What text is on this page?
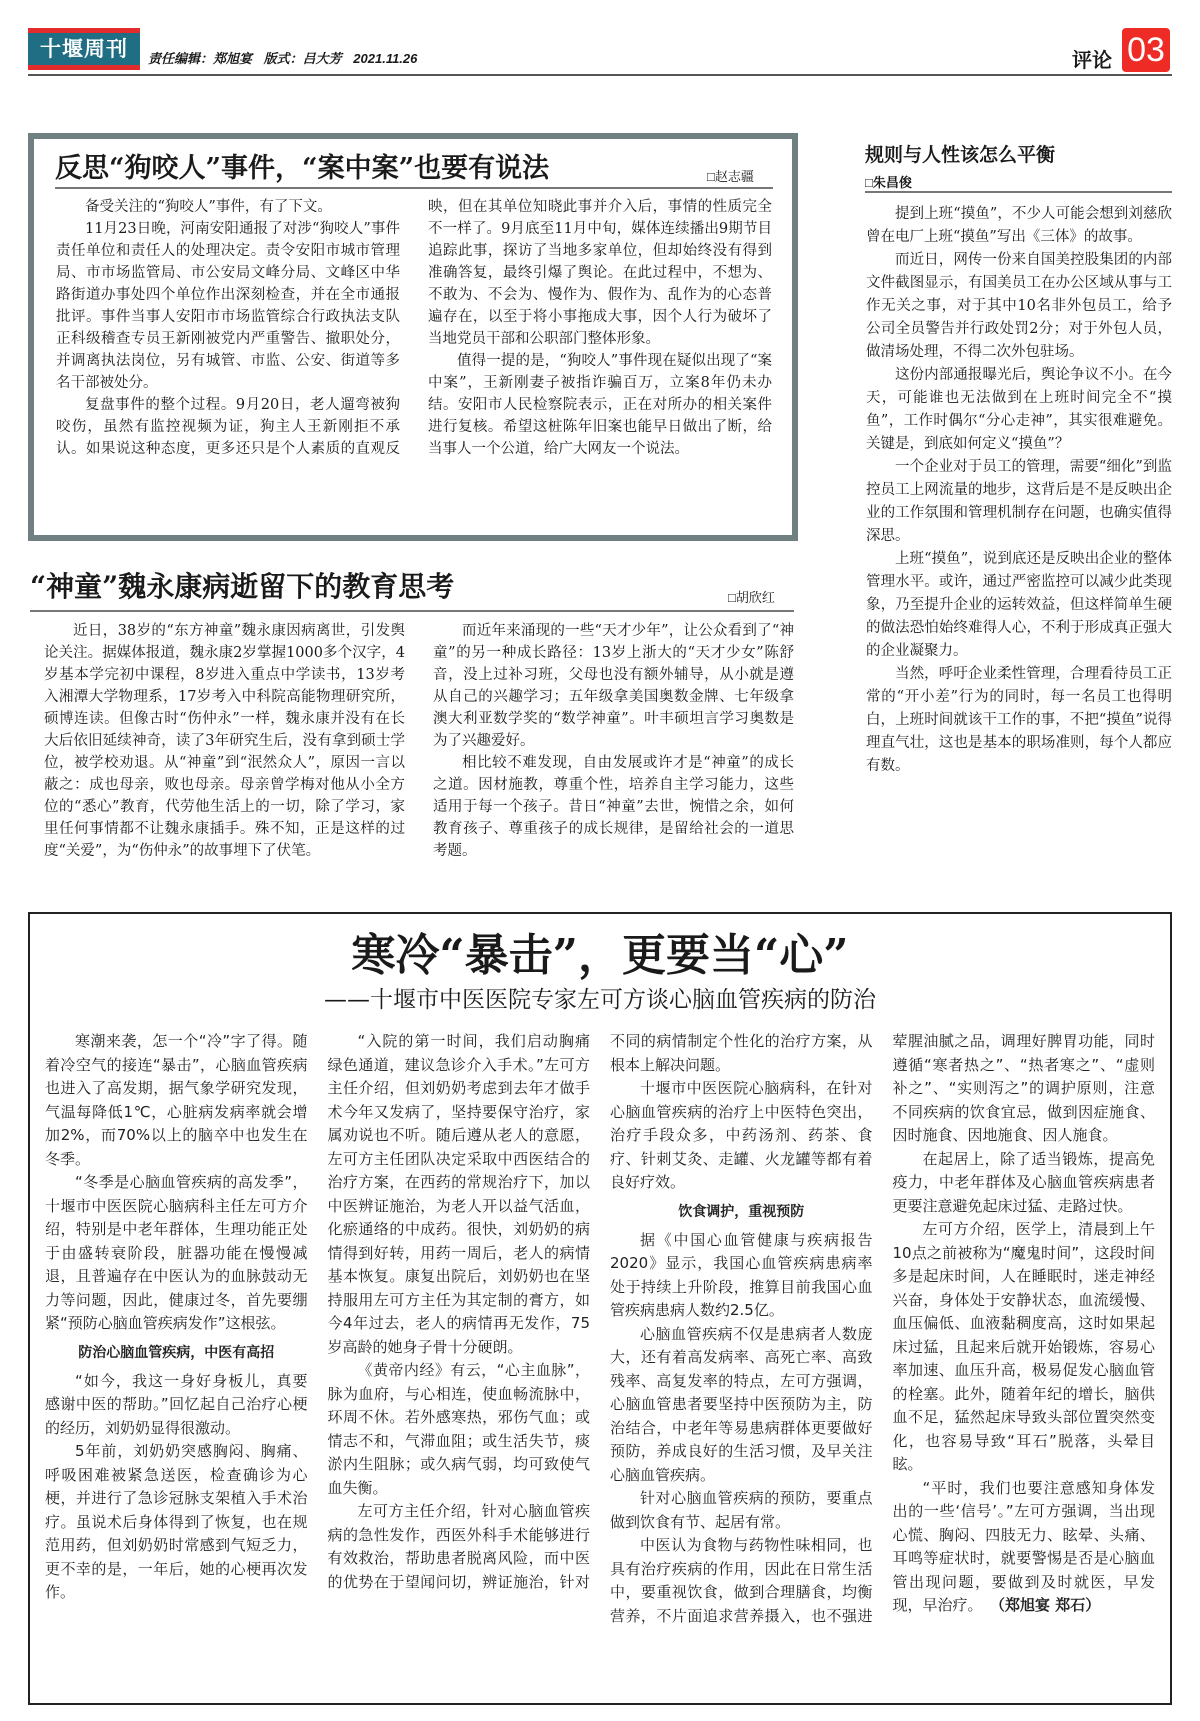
十堰周刊	责任编辑：郑旭宴 版式：吕大芳 2021.11.26	评论 03
反思“狗咬人”事件，“案中案”也要有说法	□赵志疆

备受关注的“狗咬人”事件，有了下文。

11月23日晚，河南安阳通报了对涉“狗咬人”事件责任单位和责任人的处理决定。责令安阳市城市管理局、市市场监管局、市公安局文峰分局、文峰区中华路街道办事处四个单位作出深刻检查，并在全市通报批评。事件当事人安阳市市场监管综合行政执法支队正科级稽查专员王新刚被党内严重警告、撤职处分，并调离执法岗位，另有城管、市监、公安、街道等多名干部被处分。

复盘事件的整个过程。9月20日，老人遛弯被狗咬伤，虽然有监控视频为证，狗主人王新刚拒不承认。如果说这种态度，更多还只是个人素质的直观反映，但在其单位知晓此事并介入后，事情的性质完全不一样了。9月底至11月中旬，媒体连续播出9期节目追踪此事，探访了当地多家单位，但却始终没有得到准确答复，最终引爆了舆论。在此过程中，不想为、不敢为、不会为、慢作为、假作为、乱作为的心态普遍存在，以至于将小事拖成大事，因个人行为破坏了当地党员干部和公职部门整体形象。

值得一提的是，“狗咬人”事件现在疑似出现了“案中案”，王新刚妻子被指诈骗百万，立案8年仍未办结。安阳市人民检察院表示，正在对所办的相关案件进行复核。希望这桩陈年旧案也能早日做出了断，给当事人一个公道，给广大网友一个说法。

“神童”魏永康病逝留下的教育思考	□胡欣红

近日，38岁的“东方神童”魏永康因病离世，引发舆论关注。据媒体报道，魏永康2岁掌握1000多个汉字，4岁基本学完初中课程，8岁进入重点中学读书，13岁考入湘潭大学物理系，17岁考入中科院高能物理研究所，硕博连读。但像古时“伤仲永”一样，魏永康并没有在长大后依旧延续神奇，读了3年研究生后，没有拿到硕士学位，被学校劝退。从“神童”到“泯然众人”，原因一言以蔽之：成也母亲，败也母亲。母亲曾学梅对他从小全方位的“悉心”教育，代劳他生活上的一切，除了学习，家里任何事情都不让魏永康插手。殊不知，正是这样的过度“关爱”，为“伤仲永”的故事埋下了伏笔。

而近年来涌现的一些“天才少年”，让公众看到了“神童”的另一种成长路径：13岁上浙大的“天才少女”陈舒音，没上过补习班，父母也没有额外辅导，从小就是遵从自己的兴趣学习；五年级拿美国奥数金牌、七年级拿澳大利亚数学奖的“数学神童”。叶丰硕坦言学习奥数是为了兴趣爱好。

相比较不难发现，自由发展或许才是“神童”的成长之道。因材施教，尊重个性，培养自主学习能力，这些适用于每一个孩子。昔日“神童”去世，惋惜之余，如何教育孩子、尊重孩子的成长规律，是留给社会的一道思考题。

规则与人性该怎么平衡
□朱昌俊

提到上班“摸鱼”，不少人可能会想到刘慈欣曾在电厂上班“摸鱼”写出《三体》的故事。

而近日，网传一份来自国美控股集团的内部文件截图显示，有国美员工在办公区域从事与工作无关之事，对于其中10名非外包员工，给予公司全员警告并行政处罚2分；对于外包人员，做清场处理，不得二次外包驻场。

这份内部通报曝光后，舆论争议不小。在今天，可能谁也无法做到在上班时间完全不“摸鱼”，工作时偶尔“分心走神”，其实很难避免。关键是，到底如何定义“摸鱼”？

一个企业对于员工的管理，需要“细化”到监控员工上网流量的地步，这背后是不是反映出企业的工作氛围和管理机制存在问题，也确实值得深思。

上班“摸鱼”，说到底还是反映出企业的整体管理水平。或许，通过严密监控可以减少此类现象，乃至提升企业的运转效益，但这样简单生硬的做法恐怕始终难得人心，不利于形成真正强大的企业凝聚力。

当然，呼吁企业柔性管理，合理看待员工正常的“开小差”行为的同时，每一名员工也得明白，上班时间就该干工作的事，不把“摸鱼”说得理直气壮，这也是基本的职场准则，每个人都应有数。

寒冷“暴击”，更要当“心”
——十堰市中医医院专家左可方谈心脑血管疾病的防治

寒潮来袭，怎一个“冷”字了得。随着冷空气的接连“暴击”，心脑血管疾病也进入了高发期，据气象学研究发现，气温每降低1℃，心脏病发病率就会增加2%，而70%以上的脑卒中也发生在冬季。

“冬季是心脑血管疾病的高发季”，十堰市中医医院心脑病科主任左可方介绍，特别是中老年群体，生理功能正处于由盛转衰阶段，脏器功能在慢慢减退，且普遍存在中医认为的血脉鼓动无力等问题，因此，健康过冬，首先要绷紧“预防心脑血管疾病发作”这根弦。

防治心脑血管疾病，中医有高招

“如今，我这一身好身板儿，真要感谢中医的帮助。”回忆起自己治疗心梗的经历，刘奶奶显得很激动。

5年前，刘奶奶突感胸闷、胸痛、呼吸困难被紧急送医，检查确诊为心梗，并进行了急诊冠脉支架植入手术治疗。虽说术后身体得到了恢复，也在规范用药，但刘奶奶时常感到气短乏力，更不幸的是，一年后，她的心梗再次发作。

“入院的第一时间，我们启动胸痛绿色通道，建议急诊介入手术。”左可方主任介绍，但刘奶奶考虑到去年才做手术今年又发病了，坚持要保守治疗，家属劝说也不听。随后遵从老人的意愿，左可方主任团队决定采取中西医结合的治疗方案，在西药的常规治疗下，加以中医辨证施治，为老人开以益气活血，化瘀通络的中成药。很快，刘奶奶的病情得到好转，用药一周后，老人的病情基本恢复。康复出院后，刘奶奶也在坚持服用左可方主任为其定制的膏方，如今4年过去，老人的病情再无发作，75岁高龄的她身子骨十分硬朗。

《黄帝内经》有云，“心主血脉”，脉为血府，与心相连，使血畅流脉中，环周不休。若外感寒热，邪伤气血；或情志不和，气滞血阻；或生活失节，痰淤内生阻脉；或久病气弱，均可致使气血失衡。

左可方主任介绍，针对心脑血管疾病的急性发作，西医外科手术能够进行有效救治，帮助患者脱离风险，而中医的优势在于望闻问切，辨证施治，针对不同的病情制定个性化的治疗方案，从根本上解决问题。

十堰市中医医院心脑病科，在针对心脑血管疾病的治疗上中医特色突出，治疗手段众多，中药汤剂、药茶、食疗、针刺艾灸、走罐、火龙罐等都有着良好疗效。

饮食调护，重视预防

据《中国心血管健康与疾病报告2020》显示，我国心血管疾病患病率处于持续上升阶段，推算目前我国心血管疾病患病人数约2.5亿。

心脑血管疾病不仅是患病者人数庞大，还有着高发病率、高死亡率、高致残率、高复发率的特点，左可方强调，心脑血管患者要坚持中医预防为主，防治结合，中老年等易患病群体更要做好预防，养成良好的生活习惯，及早关注心脑血管疾病。

针对心脑血管疾病的预防，要重点做到饮食有节、起居有常。

中医认为食物与药物性味相同，也具有治疗疾病的作用，因此在日常生活中，要重视饮食，做到合理膳食，均衡营养，不片面追求营养摄入，也不强进荤腥油腻之品，调理好脾胃功能，同时遵循“寒者热之”、“热者寒之”、“虚则补之”、“实则泻之”的调护原则，注意不同疾病的饮食宜忌，做到因症施食、因时施食、因地施食、因人施食。

在起居上，除了适当锻炼，提高免疫力，中老年群体及心脑血管疾病患者更要注意避免起床过猛、走路过快。

左可方介绍，医学上，清晨到上午10点之前被称为“魔鬼时间”，这段时间多是起床时间，人在睡眠时，迷走神经兴奋，身体处于安静状态，血流缓慢、血压偏低、血液黏稠度高，这时如果起床过猛，且起来后就开始锻炼，容易心率加速、血压升高，极易促发心脑血管的栓塞。此外，随着年纪的增长，脑供血不足，猛然起床导致头部位置突然变化，也容易导致“耳石”脱落，头晕目眩。

“平时，我们也要注意感知身体发出的一些‘信号’。”左可方强调，当出现心慌、胸闷、四肢无力、眩晕、头痛、耳鸣等症状时，就要警惕是否是心脑血管出现问题，要做到及时就医，早发现，早治疗。 （郑旭宴 郑石）
